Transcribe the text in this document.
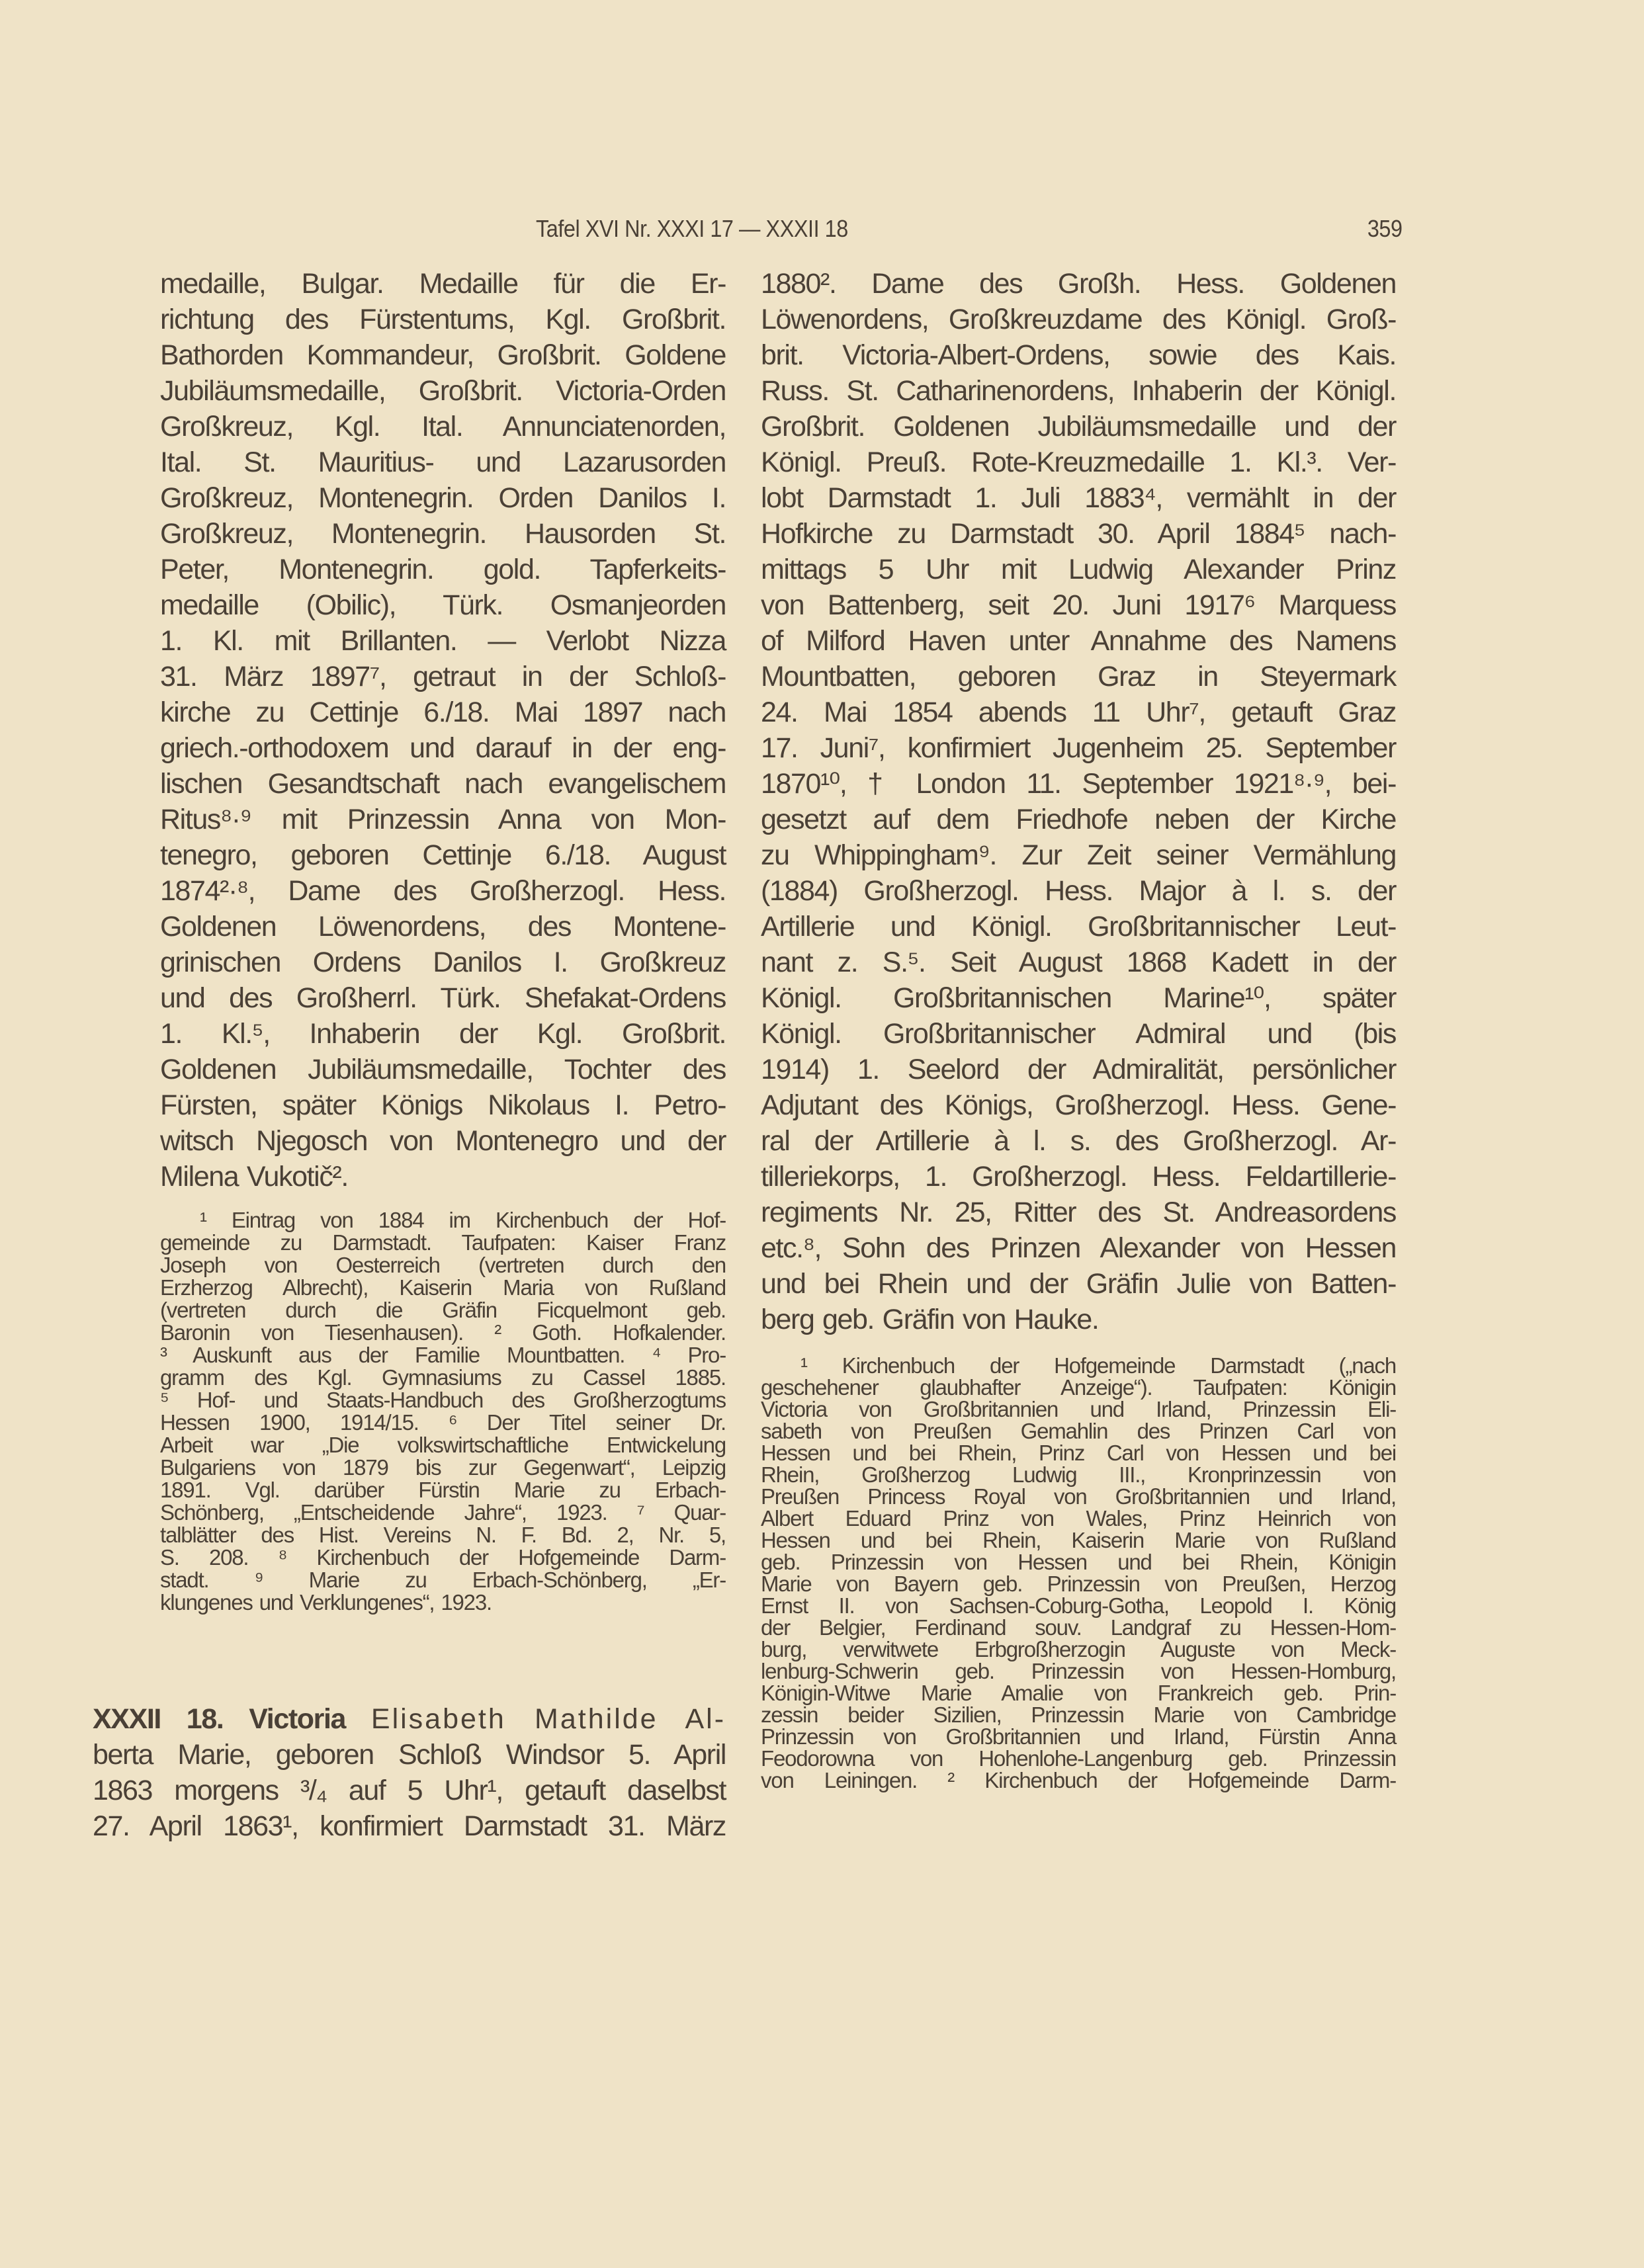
Tafel XVI Nr. XXXI 17 — XXXII 18	359
medaille, Bulgar. Medaille für die Er-
richtung des Fürstentums, Kgl. Großbrit.
Bathorden Kommandeur, Großbrit. Goldene
Jubiläumsmedaille, Großbrit. Victoria-Orden
Großkreuz, Kgl. Ital. Annunciatenorden,
Ital. St. Mauritius- und Lazarusorden
Großkreuz, Montenegrin. Orden Danilos I.
Großkreuz, Montenegrin. Hausorden St.
Peter, Montenegrin. gold. Tapferkeits-
medaille (Obilic), Türk. Osmanjeorden
1. Kl. mit Brillanten. — Verlobt Nizza
31. März 1897⁷, getraut in der Schloß-
kirche zu Cettinje 6./18. Mai 1897 nach
griech.-orthodoxem und darauf in der eng-
lischen Gesandtschaft nach evangelischem
Ritus⁸·⁹ mit Prinzessin Anna von Mon-
tenegro, geboren Cettinje 6./18. August
1874²·⁸, Dame des Großherzogl. Hess.
Goldenen Löwenordens, des Montene-
grinischen Ordens Danilos I. Großkreuz
und des Großherrl. Türk. Shefakat-Ordens
1. Kl.⁵, Inhaberin der Kgl. Großbrit.
Goldenen Jubiläumsmedaille, Tochter des
Fürsten, später Königs Nikolaus I. Petro-
witsch Njegosch von Montenegro und der
Milena Vukotič².
¹ Eintrag von 1884 im Kirchenbuch der Hof-
gemeinde zu Darmstadt. Taufpaten: Kaiser Franz
Joseph von Oesterreich (vertreten durch den
Erzherzog Albrecht), Kaiserin Maria von Rußland
(vertreten durch die Gräfin Ficquelmont geb.
Baronin von Tiesenhausen). ² Goth. Hofkalender.
³ Auskunft aus der Familie Mountbatten. ⁴ Pro-
gramm des Kgl. Gymnasiums zu Cassel 1885.
⁵ Hof- und Staats-Handbuch des Großherzogtums
Hessen 1900, 1914/15. ⁶ Der Titel seiner Dr.
Arbeit war „Die volkswirtschaftliche Entwickelung
Bulgariens von 1879 bis zur Gegenwart“, Leipzig
1891. Vgl. darüber Fürstin Marie zu Erbach-
Schönberg, „Entscheidende Jahre“, 1923. ⁷ Quar-
talblätter des Hist. Vereins N. F. Bd. 2, Nr. 5,
S. 208. ⁸ Kirchenbuch der Hofgemeinde Darm-
stadt. ⁹ Marie zu Erbach-Schönberg, „Er-
klungenes und Verklungenes“, 1923.
XXXII 18. Victoria Elisabeth Mathilde Al-
berta Marie, geboren Schloß Windsor 5. April
1863 morgens ³/₄ auf 5 Uhr¹, getauft daselbst
27. April 1863¹, konfirmiert Darmstadt 31. März
1880². Dame des Großh. Hess. Goldenen
Löwenordens, Großkreuzdame des Königl. Groß-
brit. Victoria-Albert-Ordens, sowie des Kais.
Russ. St. Catharinenordens, Inhaberin der Königl.
Großbrit. Goldenen Jubiläumsmedaille und der
Königl. Preuß. Rote-Kreuzmedaille 1. Kl.³. Ver-
lobt Darmstadt 1. Juli 1883⁴, vermählt in der
Hofkirche zu Darmstadt 30. April 1884⁵ nach-
mittags 5 Uhr mit Ludwig Alexander Prinz
von Battenberg, seit 20. Juni 1917⁶ Marquess
of Milford Haven unter Annahme des Namens
Mountbatten, geboren Graz in Steyermark
24. Mai 1854 abends 11 Uhr⁷, getauft Graz
17. Juni⁷, konfirmiert Jugenheim 25. September
1870¹⁰, † London 11. September 1921⁸·⁹, bei-
gesetzt auf dem Friedhofe neben der Kirche
zu Whippingham⁹. Zur Zeit seiner Vermählung
(1884) Großherzogl. Hess. Major à l. s. der
Artillerie und Königl. Großbritannischer Leut-
nant z. S.⁵. Seit August 1868 Kadett in der
Königl. Großbritannischen Marine¹⁰, später
Königl. Großbritannischer Admiral und (bis
1914) 1. Seelord der Admiralität, persönlicher
Adjutant des Königs, Großherzogl. Hess. Gene-
ral der Artillerie à l. s. des Großherzogl. Ar-
tilleriekorps, 1. Großherzogl. Hess. Feldartillerie-
regiments Nr. 25, Ritter des St. Andreasordens
etc.⁸, Sohn des Prinzen Alexander von Hessen
und bei Rhein und der Gräfin Julie von Batten-
berg geb. Gräfin von Hauke.
¹ Kirchenbuch der Hofgemeinde Darmstadt („nach
geschehener glaubhafter Anzeige“). Taufpaten: Königin
Victoria von Großbritannien und Irland, Prinzessin Eli-
sabeth von Preußen Gemahlin des Prinzen Carl von
Hessen und bei Rhein, Prinz Carl von Hessen und bei
Rhein, Großherzog Ludwig III., Kronprinzessin von
Preußen Princess Royal von Großbritannien und Irland,
Albert Eduard Prinz von Wales, Prinz Heinrich von
Hessen und bei Rhein, Kaiserin Marie von Rußland
geb. Prinzessin von Hessen und bei Rhein, Königin
Marie von Bayern geb. Prinzessin von Preußen, Herzog
Ernst II. von Sachsen-Coburg-Gotha, Leopold I. König
der Belgier, Ferdinand souv. Landgraf zu Hessen-Hom-
burg, verwitwete Erbgroßherzogin Auguste von Meck-
lenburg-Schwerin geb. Prinzessin von Hessen-Homburg,
Königin-Witwe Marie Amalie von Frankreich geb. Prin-
zessin beider Sizilien, Prinzessin Marie von Cambridge
Prinzessin von Großbritannien und Irland, Fürstin Anna
Feodorowna von Hohenlohe-Langenburg geb. Prinzessin
von Leiningen. ² Kirchenbuch der Hofgemeinde Darm-
